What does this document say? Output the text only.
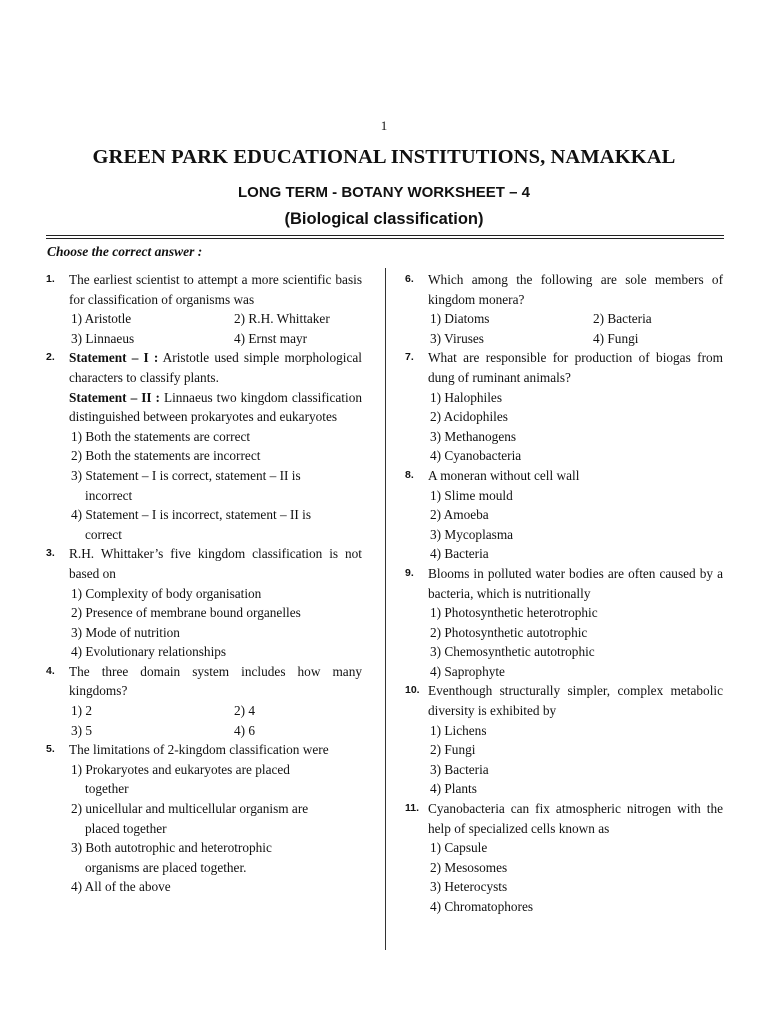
1
GREEN PARK EDUCATIONAL INSTITUTIONS, NAMAKKAL
LONG TERM - BOTANY WORKSHEET – 4
(Biological classification)
Choose the correct answer :
1.	The earliest scientist to attempt a more scientific basis for classification of organisms was
1) Aristotle	2) R.H. Whittaker
3) Linnaeus	4) Ernst mayr
2.	Statement – I : Aristotle used simple morphological characters to classify plants.
Statement – II : Linnaeus two kingdom classification distinguished between prokaryotes and eukaryotes
1) Both the statements are correct
2) Both the statements are incorrect
3) Statement – I is correct, statement – II is
incorrect
4) Statement – I is incorrect, statement – II is
correct
3.	R.H. Whittaker’s five kingdom classification is not based on
1) Complexity of body organisation
2) Presence of membrane bound organelles
3) Mode of nutrition
4) Evolutionary relationships
4.	The three domain system includes how many kingdoms?
1) 2	2) 4
3) 5	4) 6
5.	The limitations of 2-kingdom classification were
1) Prokaryotes and eukaryotes are placed
together
2) unicellular and multicellular organism are
placed together
3) Both autotrophic and heterotrophic
organisms are placed together.
4) All of the above
6.	Which among the following are sole members of kingdom monera?
1) Diatoms	2) Bacteria
3) Viruses	4) Fungi
7.	What are responsible for production of biogas from dung of ruminant animals?
1) Halophiles
2) Acidophiles
3) Methanogens
4) Cyanobacteria
8.	A moneran without cell wall
1) Slime mould
2) Amoeba
3) Mycoplasma
4) Bacteria
9.	Blooms in polluted water bodies are often caused by a bacteria, which is nutritionally
1) Photosynthetic heterotrophic
2) Photosynthetic autotrophic
3) Chemosynthetic autotrophic
4) Saprophyte
10. Eventhough structurally simpler, complex metabolic diversity is exhibited by
1) Lichens
2) Fungi
3) Bacteria
4) Plants
11. Cyanobacteria can fix atmospheric nitrogen with the help of specialized cells known as
1) Capsule
2) Mesosomes
3) Heterocysts
4) Chromatophores
